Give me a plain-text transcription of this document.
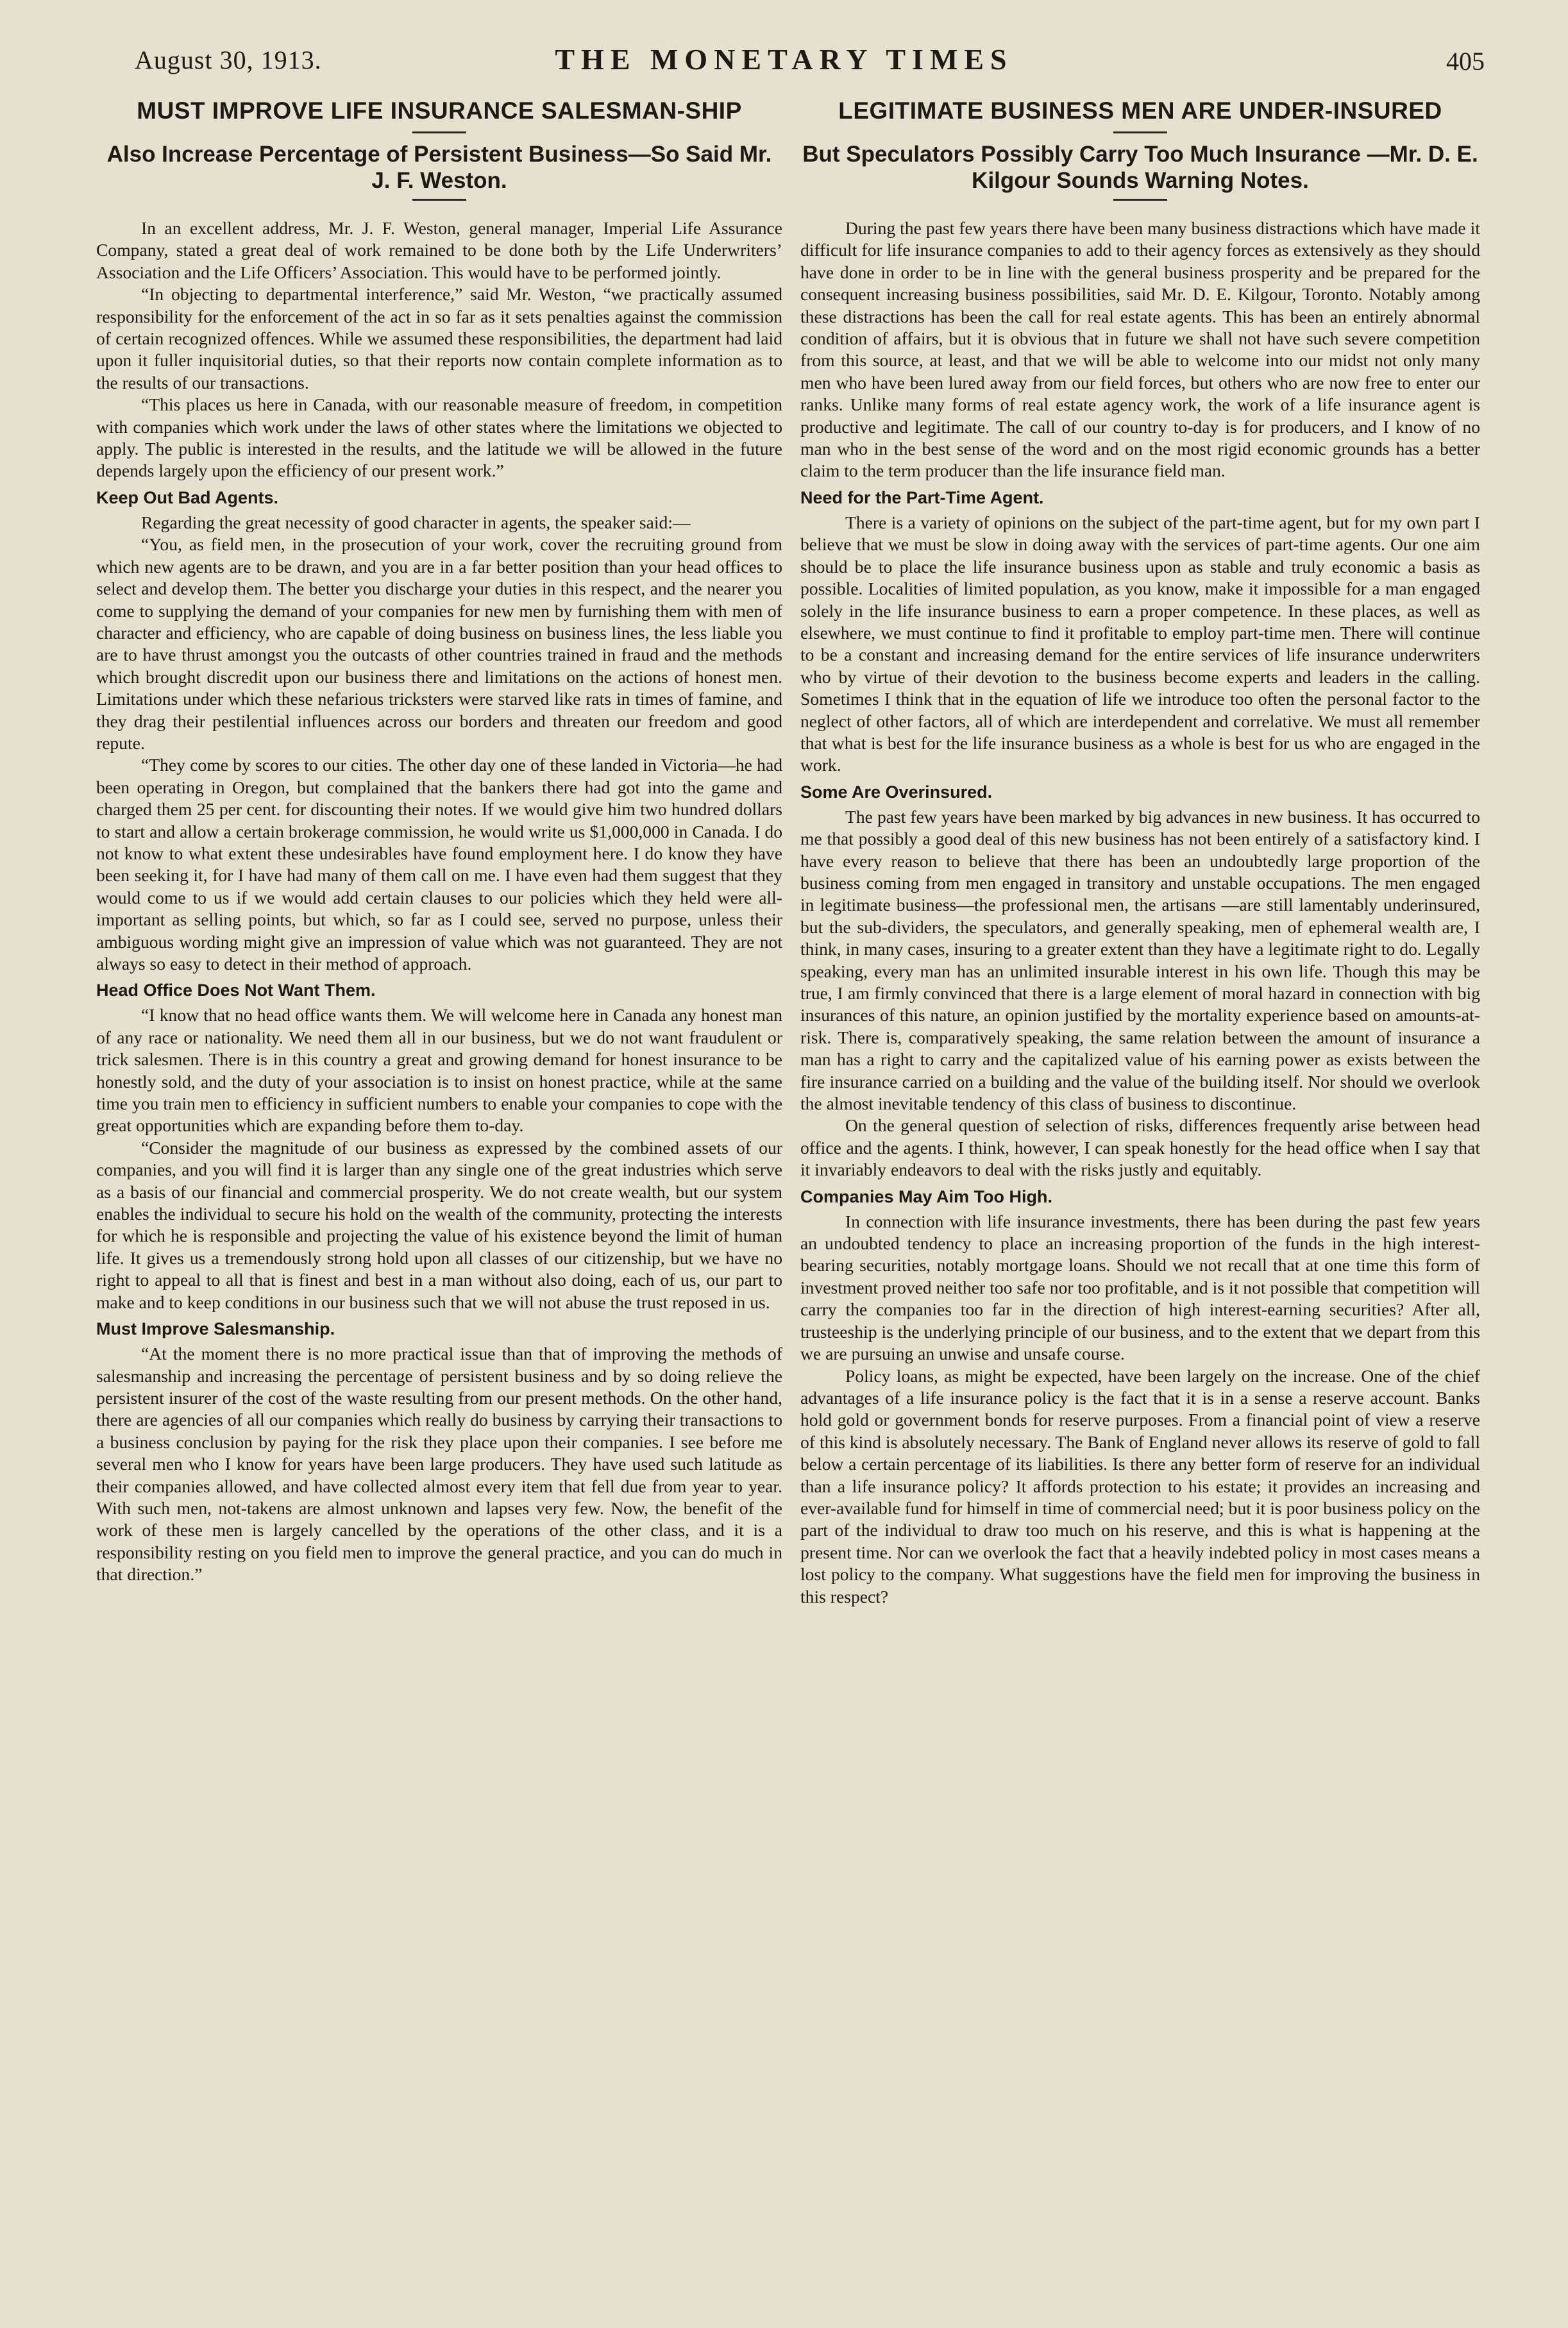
August 30, 1913.	THE MONETARY TIMES	405
MUST IMPROVE LIFE INSURANCE SALESMAN-SHIP
Also Increase Percentage of Persistent Business—So Said Mr. J. F. Weston.

In an excellent address, Mr. J. F. Weston, general manager, Imperial Life Assurance Company, stated a great deal of work remained to be done both by the Life Underwriters’ Association and the Life Officers’ Association. This would have to be performed jointly.

“In objecting to departmental interference,” said Mr. Weston, “we practically assumed responsibility for the enforcement of the act in so far as it sets penalties against the commission of certain recognized offences. While we assumed these responsibilities, the department had laid upon it fuller inquisitorial duties, so that their reports now contain complete information as to the results of our transactions.

“This places us here in Canada, with our reasonable measure of freedom, in competition with companies which work under the laws of other states where the limitations we objected to apply. The public is interested in the results, and the latitude we will be allowed in the future depends largely upon the efficiency of our present work.”

Keep Out Bad Agents.

Regarding the great necessity of good character in agents, the speaker said:—

“You, as field men, in the prosecution of your work, cover the recruiting ground from which new agents are to be drawn, and you are in a far better position than your head offices to select and develop them. The better you discharge your duties in this respect, and the nearer you come to supplying the demand of your companies for new men by furnishing them with men of character and efficiency, who are capable of doing business on business lines, the less liable you are to have thrust amongst you the outcasts of other countries trained in fraud and the methods which brought discredit upon our business there and limitations on the actions of honest men. Limitations under which these nefarious tricksters were starved like rats in times of famine, and they drag their pestilential influences across our borders and threaten our freedom and good repute.

“They come by scores to our cities. The other day one of these landed in Victoria—he had been operating in Oregon, but complained that the bankers there had got into the game and charged them 25 per cent. for discounting their notes. If we would give him two hundred dollars to start and allow a certain brokerage commission, he would write us $1,000,000 in Canada. I do not know to what extent these undesirables have found employment here. I do know they have been seeking it, for I have had many of them call on me. I have even had them suggest that they would come to us if we would add certain clauses to our policies which they held were all-important as selling points, but which, so far as I could see, served no purpose, unless their ambiguous wording might give an impression of value which was not guaranteed. They are not always so easy to detect in their method of approach.

Head Office Does Not Want Them.

“I know that no head office wants them. We will welcome here in Canada any honest man of any race or nationality. We need them all in our business, but we do not want fraudulent or trick salesmen. There is in this country a great and growing demand for honest insurance to be honestly sold, and the duty of your association is to insist on honest practice, while at the same time you train men to efficiency in sufficient numbers to enable your companies to cope with the great opportunities which are expanding before them to-day.

“Consider the magnitude of our business as expressed by the combined assets of our companies, and you will find it is larger than any single one of the great industries which serve as a basis of our financial and commercial prosperity. We do not create wealth, but our system enables the individual to secure his hold on the wealth of the community, protecting the interests for which he is responsible and projecting the value of his existence beyond the limit of human life. It gives us a tremendously strong hold upon all classes of our citizenship, but we have no right to appeal to all that is finest and best in a man without also doing, each of us, our part to make and to keep conditions in our business such that we will not abuse the trust reposed in us.

Must Improve Salesmanship.

“At the moment there is no more practical issue than that of improving the methods of salesmanship and increasing the percentage of persistent business and by so doing relieve the persistent insurer of the cost of the waste resulting from our present methods. On the other hand, there are agencies of all our companies which really do business by carrying their transactions to a business conclusion by paying for the risk they place upon their companies. I see before me several men who I know for years have been large producers. They have used such latitude as their companies allowed, and have collected almost every item that fell due from year to year. With such men, not-takens are almost unknown and lapses very few. Now, the benefit of the work of these men is largely cancelled by the operations of the other class, and it is a responsibility resting on you field men to improve the general practice, and you can do much in that direction.”

LEGITIMATE BUSINESS MEN ARE UNDER-INSURED
But Speculators Possibly Carry Too Much Insurance —Mr. D. E. Kilgour Sounds Warning Notes.

During the past few years there have been many business distractions which have made it difficult for life insurance companies to add to their agency forces as extensively as they should have done in order to be in line with the general business prosperity and be prepared for the consequent increasing business possibilities, said Mr. D. E. Kilgour, Toronto. Notably among these distractions has been the call for real estate agents. This has been an entirely abnormal condition of affairs, but it is obvious that in future we shall not have such severe competition from this source, at least, and that we will be able to welcome into our midst not only many men who have been lured away from our field forces, but others who are now free to enter our ranks. Unlike many forms of real estate agency work, the work of a life insurance agent is productive and legitimate. The call of our country to-day is for producers, and I know of no man who in the best sense of the word and on the most rigid economic grounds has a better claim to the term producer than the life insurance field man.

Need for the Part-Time Agent.

There is a variety of opinions on the subject of the part-time agent, but for my own part I believe that we must be slow in doing away with the services of part-time agents. Our one aim should be to place the life insurance business upon as stable and truly economic a basis as possible. Localities of limited population, as you know, make it impossible for a man engaged solely in the life insurance business to earn a proper competence. In these places, as well as elsewhere, we must continue to find it profitable to employ part-time men. There will continue to be a constant and increasing demand for the entire services of life insurance underwriters who by virtue of their devotion to the business become experts and leaders in the calling. Sometimes I think that in the equation of life we introduce too often the personal factor to the neglect of other factors, all of which are interdependent and correlative. We must all remember that what is best for the life insurance business as a whole is best for us who are engaged in the work.

Some Are Overinsured.

The past few years have been marked by big advances in new business. It has occurred to me that possibly a good deal of this new business has not been entirely of a satisfactory kind. I have every reason to believe that there has been an undoubtedly large proportion of the business coming from men engaged in transitory and unstable occupations. The men engaged in legitimate business—the professional men, the artisans —are still lamentably underinsured, but the sub-dividers, the speculators, and generally speaking, men of ephemeral wealth are, I think, in many cases, insuring to a greater extent than they have a legitimate right to do. Legally speaking, every man has an unlimited insurable interest in his own life. Though this may be true, I am firmly convinced that there is a large element of moral hazard in connection with big insurances of this nature, an opinion justified by the mortality experience based on amounts-at-risk. There is, comparatively speaking, the same relation between the amount of insurance a man has a right to carry and the capitalized value of his earning power as exists between the fire insurance carried on a building and the value of the building itself. Nor should we overlook the almost inevitable tendency of this class of business to discontinue.

On the general question of selection of risks, differences frequently arise between head office and the agents. I think, however, I can speak honestly for the head office when I say that it invariably endeavors to deal with the risks justly and equitably.

Companies May Aim Too High.

In connection with life insurance investments, there has been during the past few years an undoubted tendency to place an increasing proportion of the funds in the high interest-bearing securities, notably mortgage loans. Should we not recall that at one time this form of investment proved neither too safe nor too profitable, and is it not possible that competition will carry the companies too far in the direction of high interest-earning securities? After all, trusteeship is the underlying principle of our business, and to the extent that we depart from this we are pursuing an unwise and unsafe course.

Policy loans, as might be expected, have been largely on the increase. One of the chief advantages of a life insurance policy is the fact that it is in a sense a reserve account. Banks hold gold or government bonds for reserve purposes. From a financial point of view a reserve of this kind is absolutely necessary. The Bank of England never allows its reserve of gold to fall below a certain percentage of its liabilities. Is there any better form of reserve for an individual than a life insurance policy? It affords protection to his estate; it provides an increasing and ever-available fund for himself in time of commercial need; but it is poor business policy on the part of the individual to draw too much on his reserve, and this is what is happening at the present time. Nor can we overlook the fact that a heavily indebted policy in most cases means a lost policy to the company. What suggestions have the field men for improving the business in this respect?
